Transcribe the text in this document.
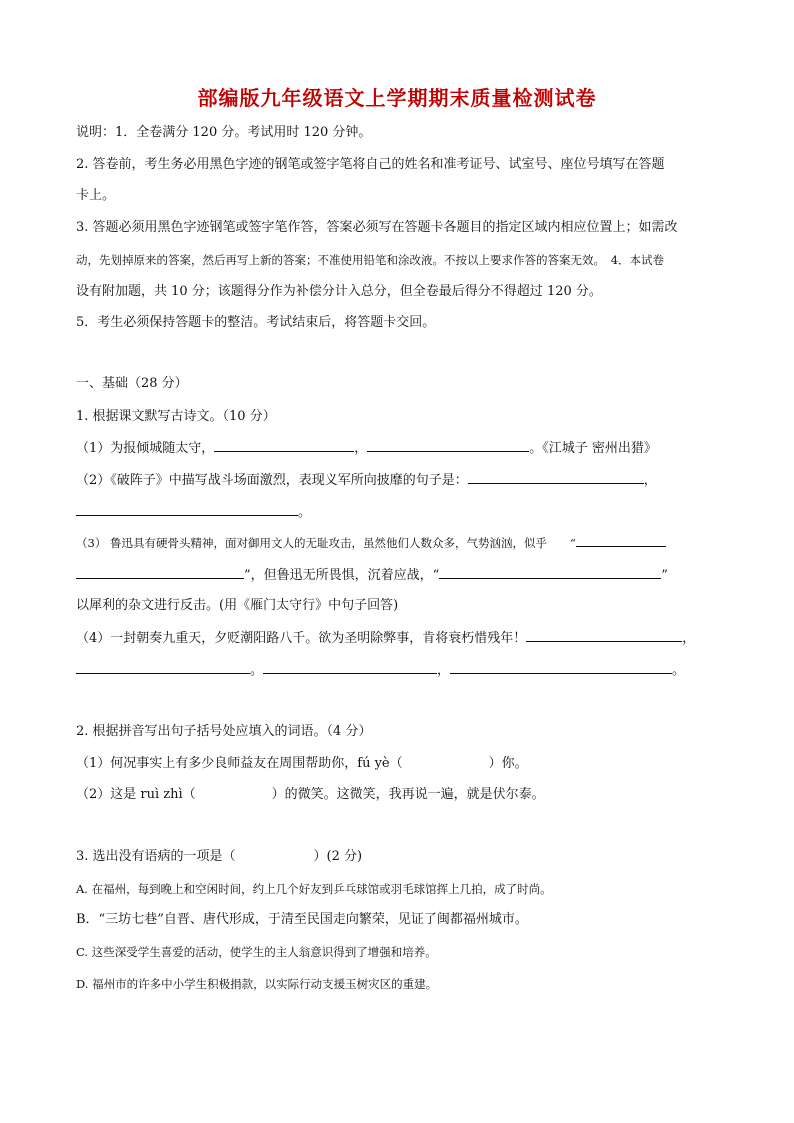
部编版九年级语文上学期期末质量检测试卷
说明：1．全卷满分 120 分。考试用时 120 分钟。
2. 答卷前，考生务必用黑色字迹的钢笔或签字笔将自己的姓名和准考证号、试室号、座位号填写在答题
卡上。
3. 答题必须用黑色字迹钢笔或签字笔作答，答案必须写在答题卡各题目的指定区域内相应位置上；如需改
动，先划掉原来的答案，然后再写上新的答案；不准使用铅笔和涂改液。不按以上要求作答的答案无效。　4．本试卷
设有附加题，共 10 分；该题得分作为补偿分计入总分，但全卷最后得分不得超过 120 分。
5．考生必须保持答题卡的整洁。考试结束后，将答题卡交回。
一、基础（28 分）
1. 根据课文默写古诗文。（10 分）
（1）为报倾城随太守，	，	。《江城子 密州出猎》
（2）《破阵子》中描写战斗场面激烈，表现义军所向披靡的句子是：	，
。
（3） 鲁迅具有硬骨头精神，面对御用文人的无耻攻击，虽然他们人数众多，气势汹汹，似乎　　“
”，但鲁迅无所畏惧，沉着应战，“	”
以犀利的杂文进行反击。(用《雁门太守行》中句子回答)
（4）一封朝奏九重天，夕贬潮阳路八千。欲为圣明除弊事，肯将衰朽惜残年！	，
。	，	。
2. 根据拼音写出句子括号处应填入的词语。（4 分）
（1）何况事实上有多少良师益友在周围帮助你，fú yè（	）你。
（2）这是 ruì zhì（	）的微笑。这微笑，我再说一遍，就是伏尔泰。
3. 选出没有语病的一项是（	）(2 分)
A. 在福州，每到晚上和空闲时间，约上几个好友到乒乓球馆或羽毛球馆挥上几拍，成了时尚。
B．“三坊七巷”自晋、唐代形成，于清至民国走向繁荣，见证了闽都福州城市。
C. 这些深受学生喜爱的活动，使学生的主人翁意识得到了增强和培养。
D. 福州市的许多中小学生积极捐款，以实际行动支援玉树灾区的重建。
